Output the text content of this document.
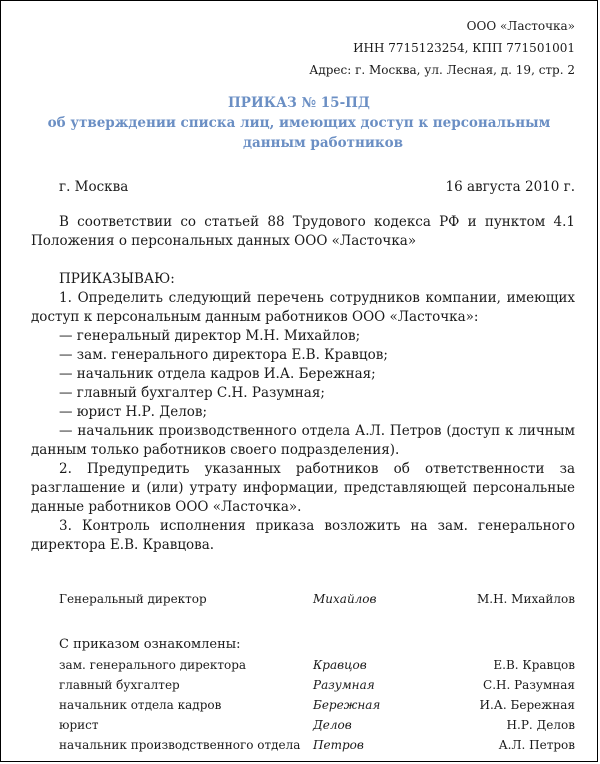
ООО «Ласточка»
ИНН 7715123254, КПП 771501001
Адрес: г. Москва, ул. Лесная, д. 19, стр. 2
ПРИКАЗ № 15-ПД
об утверждении списка лиц, имеющих доступ к персональным
данным работников
г. Москва	16 августа 2010 г.

В соответствии со статьей 88 Трудового кодекса РФ и пунктом 4.1 Положения о персональных данных ООО «Ласточка»

ПРИКАЗЫВАЮ:

1. Определить следующий перечень сотрудников компании, имеющих доступ к персональным данным работников ООО «Ласточка»:

— генеральный директор М.Н. Михайлов;

— зам. генерального директора Е.В. Кравцов;

— начальник отдела кадров И.А. Бережная;

— главный бухгалтер С.Н. Разумная;

— юрист Н.Р. Делов;

— начальник производственного отдела А.Л. Петров (доступ к личным данным только работников своего подразделения).

2. Предупредить указанных работников об ответственности за разглашение и (или) утрату информации, представляющей персональные данные работников ООО «Ласточка».

3. Контроль исполнения приказа возложить на зам. генерального директора Е.В. Кравцова.

Генеральный директор	Михайлов	М.Н. Михайлов
С приказом ознакомлены:
зам. генерального директора	Кравцов	Е.В. Кравцов
главный бухгалтер	Разумная	С.Н. Разумная
начальник отдела кадров	Бережная	И.А. Бережная
юрист	Делов	Н.Р. Делов
начальник производственного отдела	Петров	А.Л. Петров
